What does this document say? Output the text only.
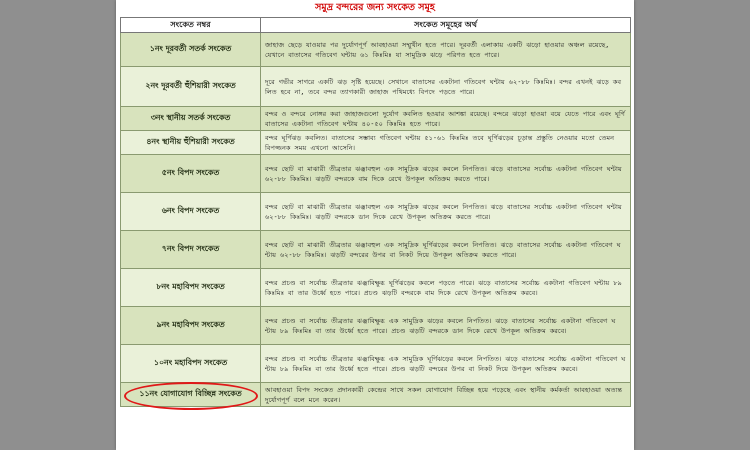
সমুদ্র বন্দরের জন্য সংকেত সমূহ
সংকেত নম্বর	সংকেত সমূহের অর্থ
১নং দূরবর্তী সতর্ক সংকেত	জাহাজ ছেড়ে যাওয়ার পর দুর্যোগপূর্ণ আবহাওয়া সম্মুখীন হতে পারে। দূরবর্তী এলাকায় একটি ঝড়ো হাওয়ার অঞ্চল রয়েছে, যেখানে বাতাসের গতিবেগ ঘন্টায় ৬১ কিঃমিঃ যা সামুদ্রিক ঝড়ে পরিণত হতে পারে।
২নং দূরবর্তী হুঁশিয়ারী সংকেত	দূরে গভীর সাগরে একটি ঝড় সৃষ্টি হয়েছে। সেখানে বাতাসের একটানা গতিবেগ ঘন্টায় ৬২-৮৮ কিঃমিঃ। বন্দর এখনই ঝড়ে কবলিত হবে না, তবে বন্দর ত্যাগকারী জাহাজ পথিমধ্যে বিপদে পড়তে পারে।
৩নং স্থানীয় সতর্ক সংকেত	বন্দর ও বন্দরে নোঙ্গর করা জাহাজগুলো দুর্যোগ কবলিত হওয়ার আশঙ্কা রয়েছে। বন্দরে ঝড়ো হাওয়া বয়ে যেতে পারে এবং ঘূর্ণি বাতাসের একটানা গতিবেগ ঘন্টায় ৪০-৫০ কিঃমিঃ হতে পারে।
৪নং স্থানীয় হুঁশিয়ারী সংকেত	বন্দর ঘূর্ণিঝড় কবলিত। বাতাসের সম্ভাব্য গতিবেগ ঘন্টায় ৫১-৬১ কিঃমিঃ তবে ঘূর্ণিঝড়ের চূড়ান্ত প্রস্তুতি নেওয়ার মতো তেমন বিপজ্জনক সময় এখনো আসেনি।
৫নং বিপদ সংকেত	বন্দর ছোট বা মাঝারী তীব্রতার ঝঞ্ঝাবহুল এক সামুদ্রিক ঝড়ের কবলে নিপতিত। ঝড়ে বাতাসের সর্বোচ্চ একটানা গতিবেগ ঘন্টায় ৬২-৮৮ কিঃমিঃ। ঝড়টি বন্দরকে বাম দিকে রেখে উপকূল অতিক্রম করতে পারে।
৬নং বিপদ সংকেত	বন্দর ছোট বা মাঝারী তীব্রতার ঝঞ্ঝাবহুল এক সামুদ্রিক ঝড়ের কবলে নিপতিত। ঝড়ে বাতাসের সর্বোচ্চ একটানা গতিবেগ ঘন্টায় ৬২-৮৮ কিঃমিঃ। ঝড়টি বন্দরকে ডান দিকে রেখে উপকূল অতিক্রম করতে পারে।
৭নং বিপদ সংকেত	বন্দর ছোট বা মাঝারী তীব্রতার ঝঞ্ঝাবহুল এক সামুদ্রিক ঘূর্ণিঝড়ের কবলে নিপতিত। ঝড়ে বাতাসের সর্বোচ্চ একটানা গতিবেগ ঘন্টায় ৬২-৮৮ কিঃমিঃ। ঝড়টি বন্দরের উপর বা নিকট দিয়ে উপকূল অতিক্রম করতে পারে।
৮নং মহাবিপদ সংকেত	বন্দর প্রচণ্ড বা সর্বোচ্চ তীব্রতার ঝঞ্ঝাবিক্ষুব্ধ ঘূর্ণিঝড়ের কবলে পড়তে পারে। ঝড়ে বাতাসের সর্বোচ্চ একটানা গতিবেগ ঘন্টায় ৮৯ কিঃমিঃ বা তার উর্ধ্বে হতে পারে। প্রচণ্ড ঝড়টি বন্দরকে বাম দিকে রেখে উপকূল অতিক্রম করবে।
৯নং মহাবিপদ সংকেত	বন্দর প্রচণ্ড বা সর্বোচ্চ তীব্রতার ঝঞ্ঝাবিক্ষুব্ধ এক সামুদ্রিক ঝড়ের কবলে নিপতিত। ঝড়ে বাতাসের সর্বোচ্চ একটানা গতিবেগ ঘন্টায় ৮৯ কিঃমিঃ বা তার উর্ধ্বে হতে পারে। প্রচণ্ড ঝড়টি বন্দরকে ডান দিকে রেখে উপকূল অতিক্রম করবে।
১০নং মহাবিপদ সংকেত	বন্দর প্রচণ্ড বা সর্বোচ্চ তীব্রতার ঝঞ্ঝাবিক্ষুব্ধ এক সামুদ্রিক ঘূর্ণিঝড়ের কবলে নিপতিত। ঝড়ে বাতাসের সর্বোচ্চ একটানা গতিবেগ ঘন্টায় ৮৯ কিঃমিঃ বা তার উর্ধ্বে হতে পারে। প্রচণ্ড ঝড়টি বন্দরের উপর বা নিকট দিয়ে উপকূল অতিক্রম করবে।
১১নং যোগাযোগ বিচ্ছিন্ন সংকেত	আবহাওয়া বিপদ সংকেত প্রদানকারী কেন্দ্রের সাথে সকল যোগাযোগ বিচ্ছিন্ন হয়ে পড়েছে এবং স্থানীয় কর্মকর্তা আবহাওয়া অত্যন্ত দুর্যোগপূর্ণ বলে মনে করেন।
